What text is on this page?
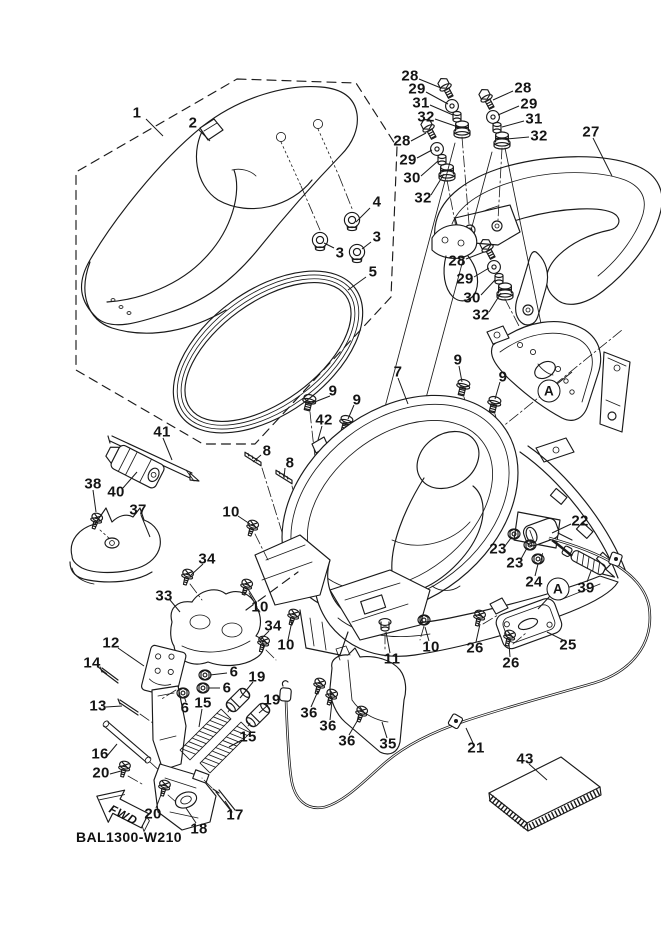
1
2
4
3
3
5
28
29
31
32
28
29
31
32
28
29
30
32
27
28
29
30
32
7
9
9
9
9
42
8
8
A
41
40
38
37	10
34
33
10
34
10	10 26
26
25
A
22
23
23
24 39
21
43
12
14
13
16
20
20
18
17
6
6
6
19
19
15
15
11
36
36
36 35
FWD
BAL1300-W210
